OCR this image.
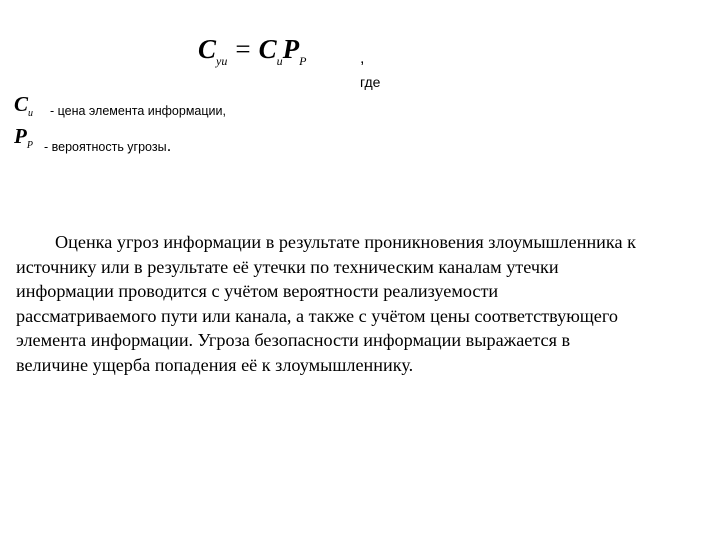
$C_{уи} = C_иP_P$	,
где
$C_и$ - цена элемента информации,
$P_P$ - вероятность угрозы.
Оценка угроз информации в результате проникновения злоумышленника к
источнику или в результате её утечки по техническим каналам утечки
информации проводится с учётом вероятности реализуемости
рассматриваемого пути или канала, а также с учётом цены соответствующего
элемента информации. Угроза безопасности информации выражается в
величине ущерба попадения её к злоумышленнику.
